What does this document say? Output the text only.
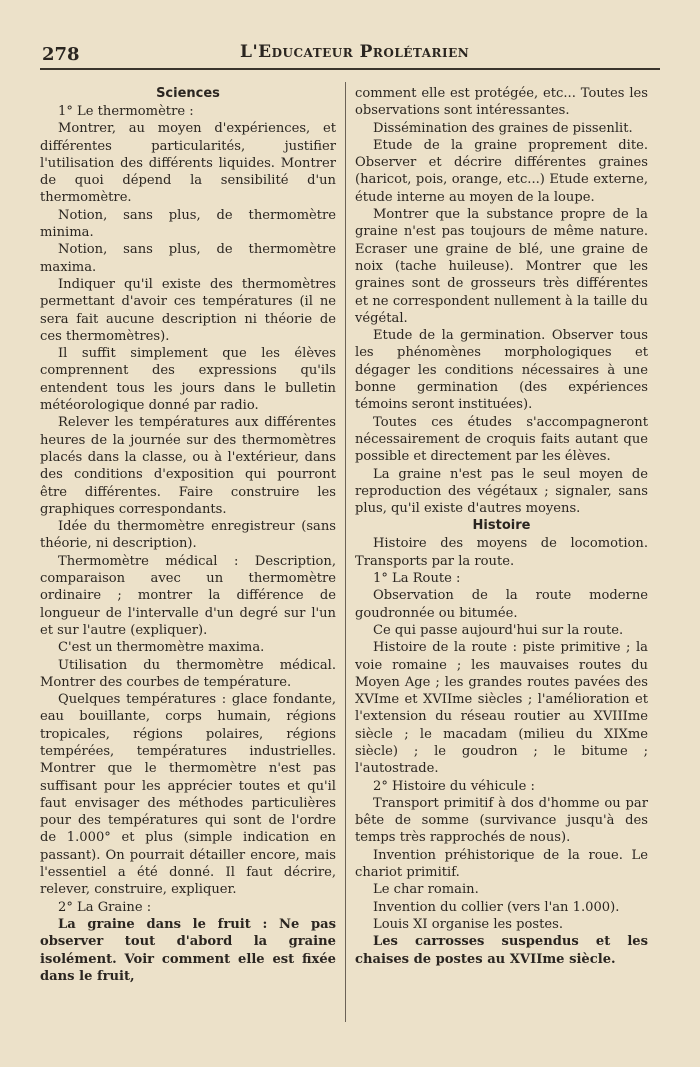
278	L'Educateur Prolétarien
Sciences

1° Le thermomètre :

Montrer, au moyen d'expériences, et différentes particularités, justifier l'utilisation des différents liquides. Montrer de quoi dépend la sensibilité d'un thermomètre.

Notion, sans plus, de thermomètre minima.

Notion, sans plus, de thermomètre maxima.

Indiquer qu'il existe des thermomètres permettant d'avoir ces températures (il ne sera fait aucune description ni théorie de ces thermomètres).

Il suffit simplement que les élèves comprennent des expressions qu'ils entendent tous les jours dans le bulletin météorologique donné par radio.

Relever les températures aux différentes heures de la journée sur des thermomètres placés dans la classe, ou à l'extérieur, dans des conditions d'exposition qui pourront être différentes. Faire construire les graphiques correspondants.

Idée du thermomètre enregistreur (sans théorie, ni description).

Thermomètre médical : Description, comparaison avec un thermomètre ordinaire ; montrer la différence de longueur de l'intervalle d'un degré sur l'un et sur l'autre (expliquer).

C'est un thermomètre maxima.

Utilisation du thermomètre médical. Montrer des courbes de température.

Quelques températures : glace fondante, eau bouillante, corps humain, régions tropicales, régions polaires, régions tempérées, températures industrielles. Montrer que le thermomètre n'est pas suffisant pour les apprécier toutes et qu'il faut envisager des méthodes particulières pour des températures qui sont de l'ordre de 1.000° et plus (simple indication en passant). On pourrait détailler encore, mais l'essentiel a été donné. Il faut décrire, relever, construire, expliquer.

2° La Graine :

La graine dans le fruit : Ne pas observer tout d'abord la graine isolément. Voir comment elle est fixée dans le fruit,

comment elle est protégée, etc... Toutes les observations sont intéressantes.

Dissémination des graines de pissenlit.

Etude de la graine proprement dite. Observer et décrire différentes graines (haricot, pois, orange, etc...) Etude externe, étude interne au moyen de la loupe.

Montrer que la substance propre de la graine n'est pas toujours de même nature. Ecraser une graine de blé, une graine de noix (tache huileuse). Montrer que les graines sont de grosseurs très différentes et ne correspondent nullement à la taille du végétal.

Etude de la germination. Observer tous les phénomènes morphologiques et dégager les conditions nécessaires à une bonne germination (des expériences témoins seront instituées).

Toutes ces études s'accompagneront nécessairement de croquis faits autant que possible et directement par les élèves.

La graine n'est pas le seul moyen de reproduction des végétaux ; signaler, sans plus, qu'il existe d'autres moyens.

Histoire

Histoire des moyens de locomotion. Transports par la route.

1° La Route :

Observation de la route moderne goudronnée ou bitumée.

Ce qui passe aujourd'hui sur la route.

Histoire de la route : piste primitive ; la voie romaine ; les mauvaises routes du Moyen Age ; les grandes routes pavées des XVIme et XVIIme siècles ; l'amélioration et l'extension du réseau routier au XVIIIme siècle ; le macadam (milieu du XIXme siècle) ; le goudron ; le bitume ; l'autostrade.

2° Histoire du véhicule :

Transport primitif à dos d'homme ou par bête de somme (survivance jusqu'à des temps très rapprochés de nous).

Invention préhistorique de la roue. Le chariot primitif.

Le char romain.

Invention du collier (vers l'an 1.000).

Louis XI organise les postes.

Les carrosses suspendus et les chaises de postes au XVIIme siècle.
